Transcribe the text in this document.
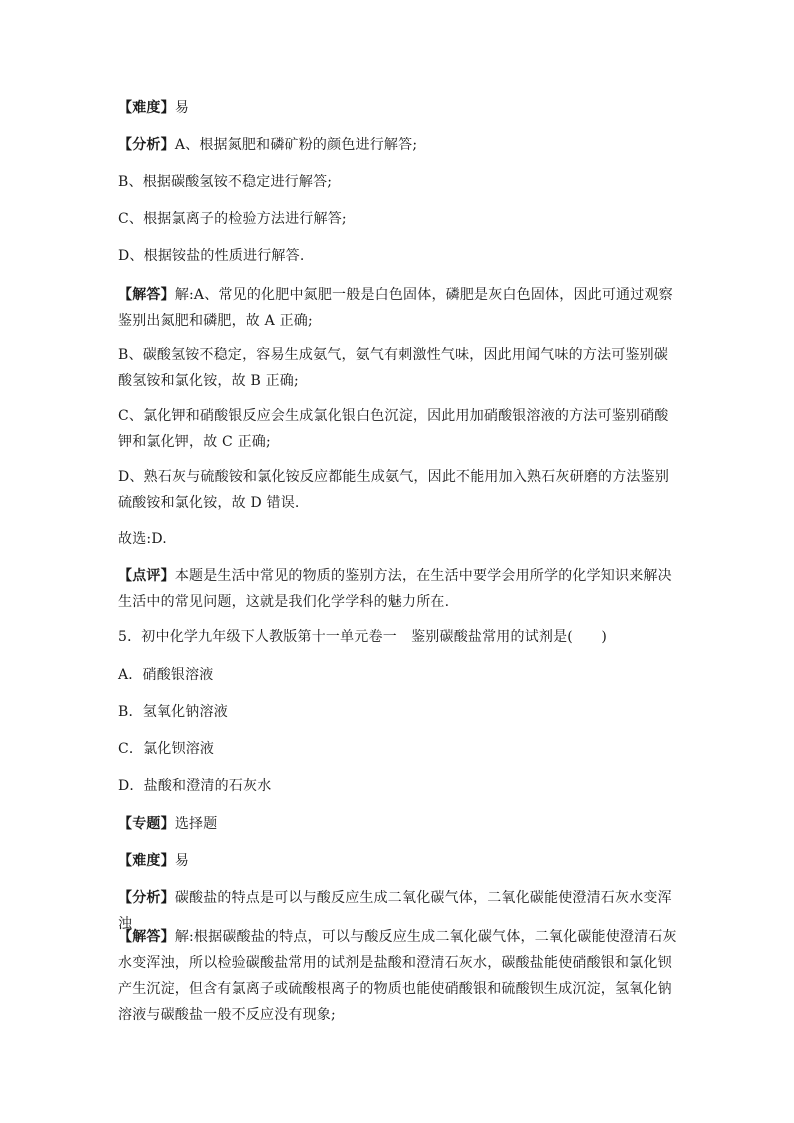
【难度】易

【分析】A、根据氮肥和磷矿粉的颜色进行解答;

B、根据碳酸氢铵不稳定进行解答;

C、根据氯离子的检验方法进行解答;

D、根据铵盐的性质进行解答.

【解答】解:A、常见的化肥中氮肥一般是白色固体，磷肥是灰白色固体，因此可通过观察鉴别出氮肥和磷肥，故 A 正确;

B、碳酸氢铵不稳定，容易生成氨气，氨气有刺激性气味，因此用闻气味的方法可鉴别碳酸氢铵和氯化铵，故 B 正确;

C、氯化钾和硝酸银反应会生成氯化银白色沉淀，因此用加硝酸银溶液的方法可鉴别硝酸钾和氯化钾，故 C 正确;

D、熟石灰与硫酸铵和氯化铵反应都能生成氨气，因此不能用加入熟石灰研磨的方法鉴别硫酸铵和氯化铵，故 D 错误.

故选:D.

【点评】本题是生活中常见的物质的鉴别方法，在生活中要学会用所学的化学知识来解决生活中的常见问题，这就是我们化学学科的魅力所在.

5．初中化学九年级下人教版第十一单元卷一　鉴别碳酸盐常用的试剂是(　　)

A．硝酸银溶液

B．氢氧化钠溶液

C．氯化钡溶液

D．盐酸和澄清的石灰水

【专题】选择题

【难度】易

【分析】碳酸盐的特点是可以与酸反应生成二氧化碳气体，二氧化碳能使澄清石灰水变浑浊

【解答】解:根据碳酸盐的特点，可以与酸反应生成二氧化碳气体，二氧化碳能使澄清石灰水变浑浊，所以检验碳酸盐常用的试剂是盐酸和澄清石灰水，碳酸盐能使硝酸银和氯化钡产生沉淀，但含有氯离子或硫酸根离子的物质也能使硝酸银和硫酸钡生成沉淀，氢氧化钠溶液与碳酸盐一般不反应没有现象;
